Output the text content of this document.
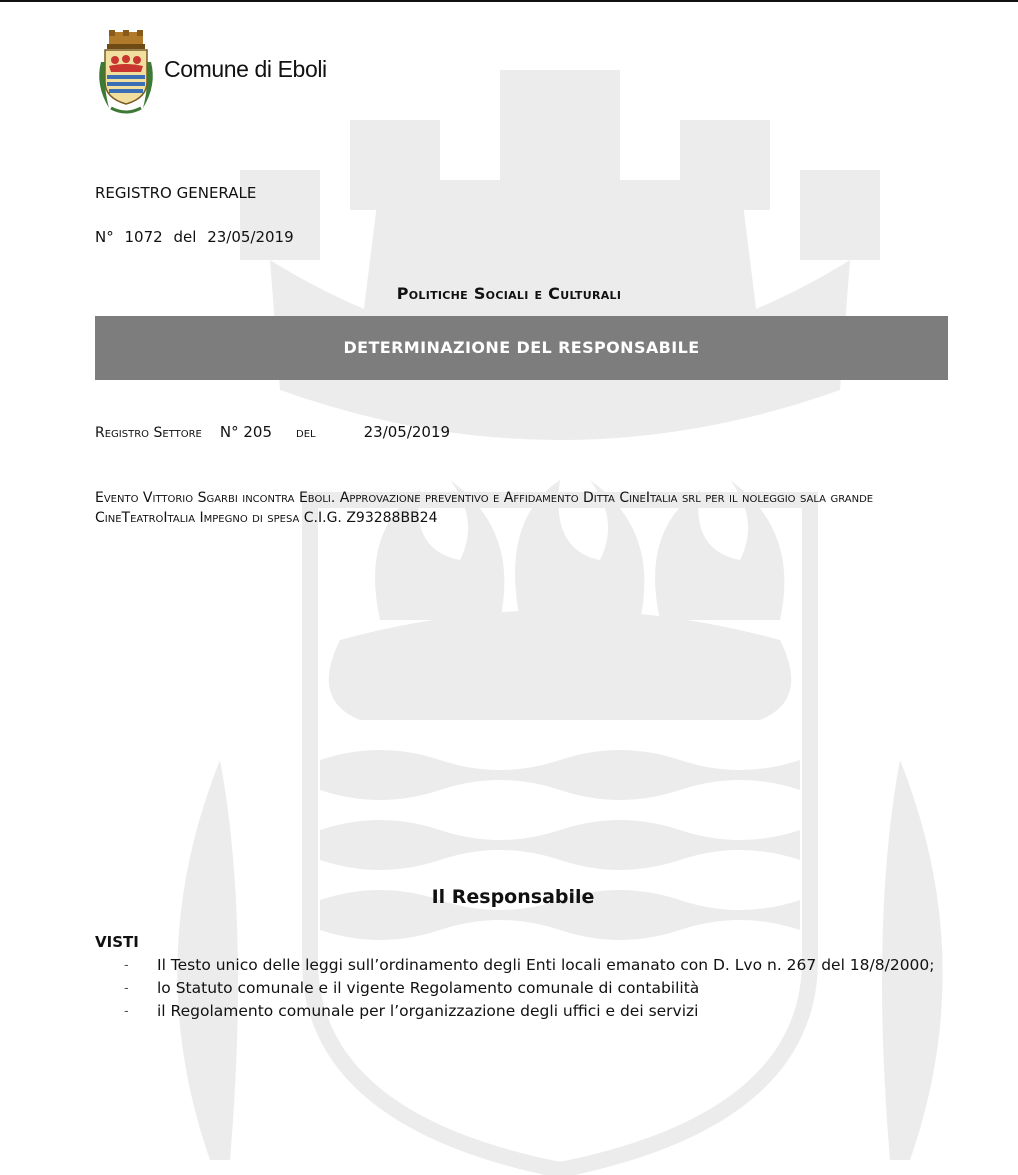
Comune di Eboli
REGISTRO GENERALE
N° 1072 del 23/05/2019
Politiche Sociali e Culturali
DETERMINAZIONE DEL RESPONSABILE
Registro Settore N° 205 del	23/05/2019
Evento Vittorio Sgarbi incontra Eboli. Approvazione preventivo e Affidamento Ditta CineItalia srl per il noleggio sala grande CineTeatroItalia Impegno di spesa C.I.G. Z93288BB24
Il Responsabile
VISTI
- Il Testo unico delle leggi sull’ordinamento degli Enti locali emanato con D. Lvo n. 267 del 18/8/2000;
- lo Statuto comunale e il vigente Regolamento comunale di contabilità
- il Regolamento comunale per l’organizzazione degli uffici e dei servizi
